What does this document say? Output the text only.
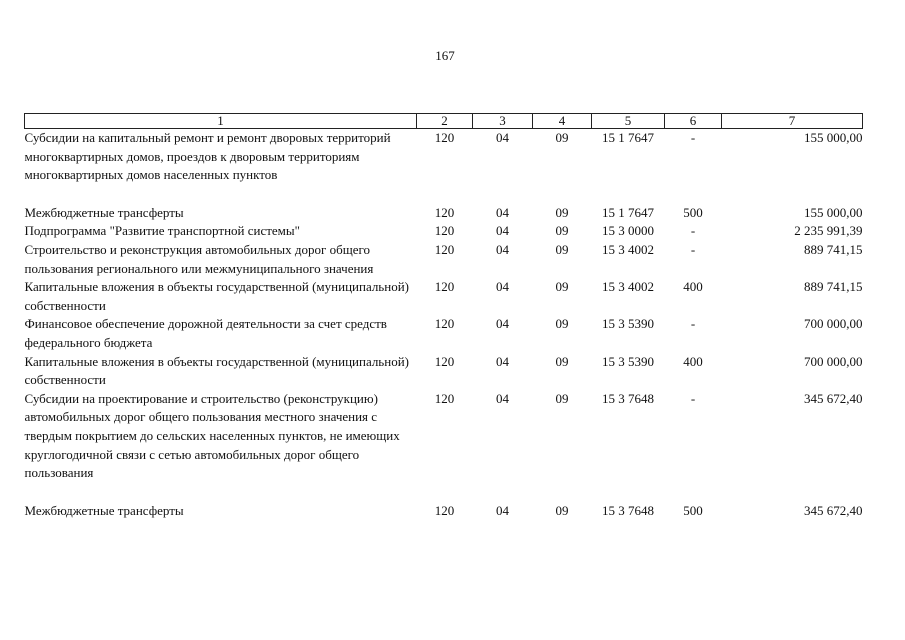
167
1	2	3	4	5	6	7
Субсидии на капитальный ремонт и ремонт дворовых территорий многоквартирных домов, проездов к дворовым территориям многоквартирных домов населенных пунктов	120	04	09	15 1 7647	-	155 000,00
Межбюджетные трансферты	120	04	09	15 1 7647	500	155 000,00
Подпрограмма "Развитие транспортной системы"	120	04	09	15 3 0000	-	2 235 991,39
Строительство и реконструкция автомобильных дорог общего пользования регионального или межмуниципального значения	120	04	09	15 3 4002	-	889 741,15
Капитальные вложения в объекты государственной (муниципальной) собственности	120	04	09	15 3 4002	400	889 741,15
Финансовое обеспечение дорожной деятельности за счет средств федерального бюджета	120	04	09	15 3 5390	-	700 000,00
Капитальные вложения в объекты государственной (муниципальной) собственности	120	04	09	15 3 5390	400	700 000,00
Субсидии на проектирование и строительство (реконструкцию) автомобильных дорог общего пользования местного значения с твердым покрытием до сельских населенных пунктов, не имеющих круглогодичной связи с сетью автомобильных дорог общего пользования	120	04	09	15 3 7648	-	345 672,40
Межбюджетные трансферты	120	04	09	15 3 7648	500	345 672,40
